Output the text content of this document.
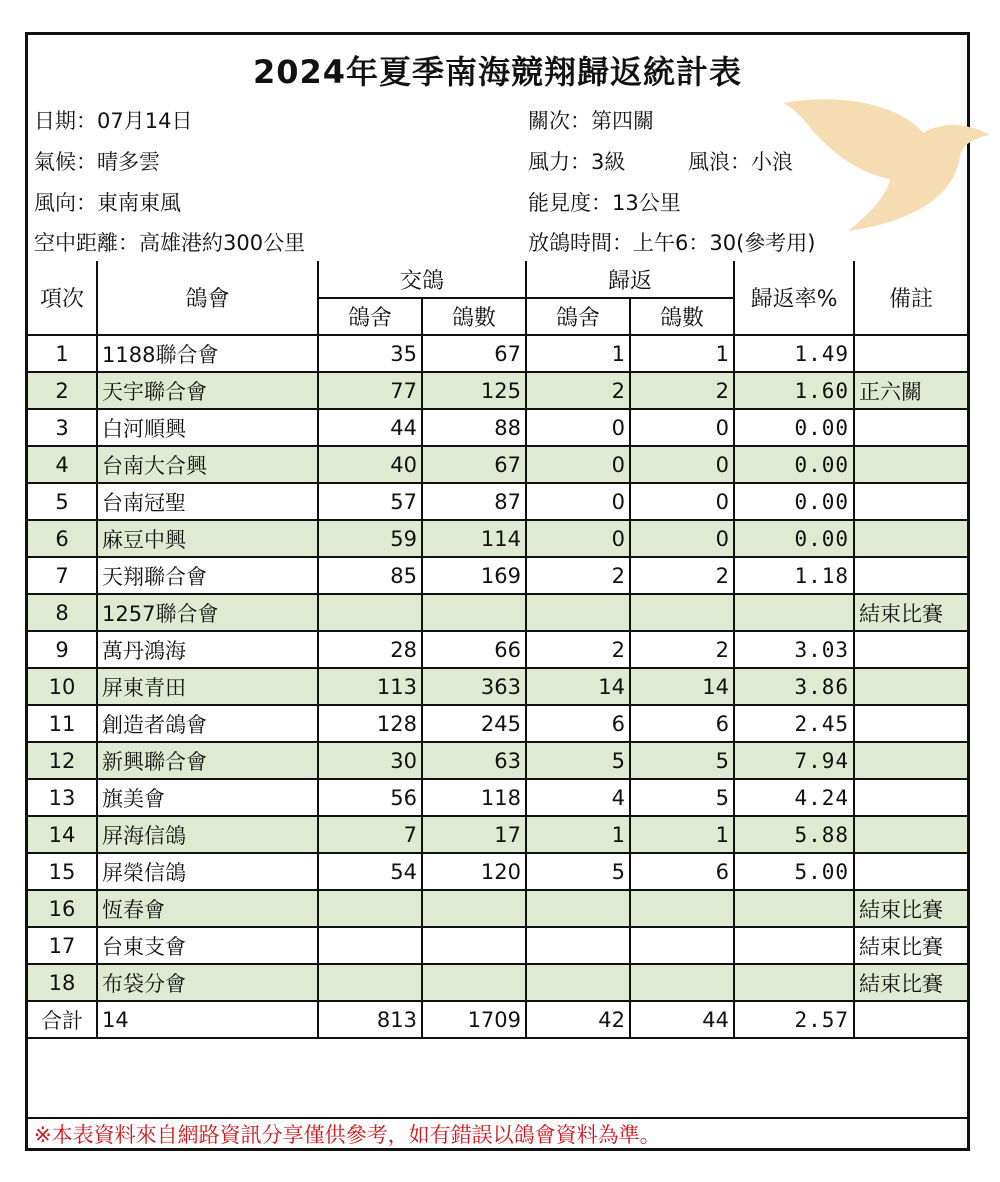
2024年夏季南海競翔歸返統計表
日期：07月14日	關次：第四關
氣候：晴多雲	風力：3級	風浪：小浪
風向：東南東風	能見度：13公里
空中距離：高雄港約300公里	放鴿時間：上午6：30(參考用)
項次	鴿會	交鴿		歸返		歸返率%	備註
		鴿舍	鴿數	鴿舍	鴿數		
1	1188聯合會	35	67	1	1	1.49	
2	天宇聯合會	77	125	2	2	1.60	正六關
3	白河順興	44	88	0	0	0.00	
4	台南大合興	40	67	0	0	0.00	
5	台南冠聖	57	87	0	0	0.00	
6	麻豆中興	59	114	0	0	0.00	
7	天翔聯合會	85	169	2	2	1.18	
8	1257聯合會						結束比賽
9	萬丹鴻海	28	66	2	2	3.03	
10	屏東青田	113	363	14	14	3.86	
11	創造者鴿會	128	245	6	6	2.45	
12	新興聯合會	30	63	5	5	7.94	
13	旗美會	56	118	4	5	4.24	
14	屏海信鴿	7	17	1	1	5.88	
15	屏榮信鴿	54	120	5	6	5.00	
16	恆春會						結束比賽
17	台東支會						結束比賽
18	布袋分會						結束比賽
合計	14	813	1709	42	44	2.57	
※本表資料來自網路資訊分享僅供參考，如有錯誤以鴿會資料為準。
